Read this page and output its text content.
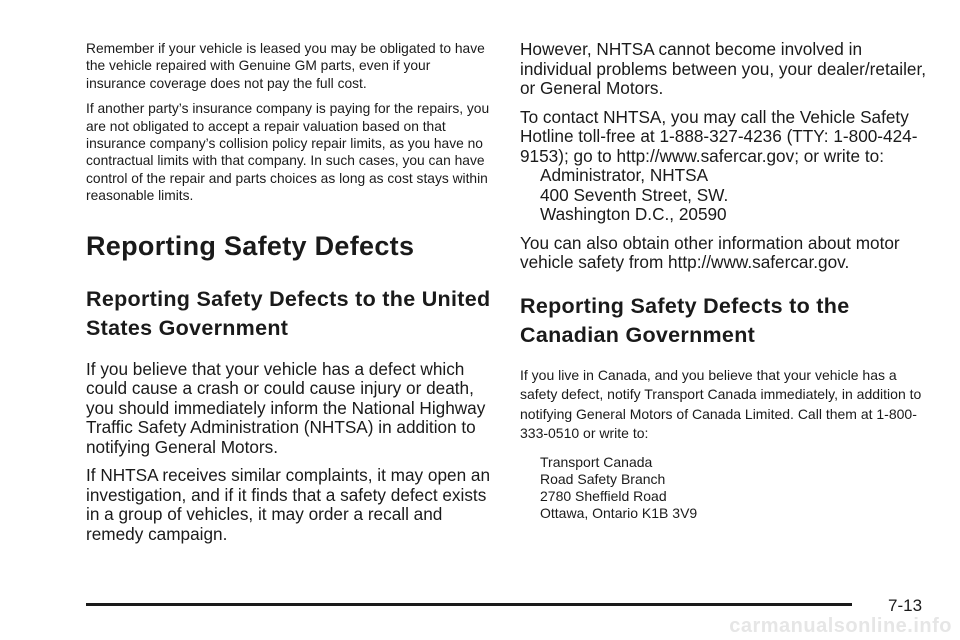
Remember if your vehicle is leased you may be obligated to have the vehicle repaired with Genuine GM parts, even if your insurance coverage does not pay the full cost.

If another party’s insurance company is paying for the repairs, you are not obligated to accept a repair valuation based on that insurance company’s collision policy repair limits, as you have no contractual limits with that company. In such cases, you can have control of the repair and parts choices as long as cost stays within reasonable limits.

Reporting Safety Defects
Reporting Safety Defects to the United States Government

If you believe that your vehicle has a defect which could cause a crash or could cause injury or death, you should immediately inform the National Highway Traffic Safety Administration (NHTSA) in addition to notifying General Motors.

If NHTSA receives similar complaints, it may open an investigation, and if it finds that a safety defect exists in a group of vehicles, it may order a recall and remedy campaign.

However, NHTSA cannot become involved in individual problems between you, your dealer/retailer, or General Motors.

To contact NHTSA, you may call the Vehicle Safety Hotline toll-free at 1-888-327-4236 (TTY: 1-800-424-9153); go to http://www.safercar.gov; or write to:

Administrator, NHTSA
400 Seventh Street, SW.
Washington D.C., 20590

You can also obtain other information about motor vehicle safety from http://www.safercar.gov.

Reporting Safety Defects to the Canadian Government

If you live in Canada, and you believe that your vehicle has a safety defect, notify Transport Canada immediately, in addition to notifying General Motors of Canada Limited. Call them at 1-800-333-0510 or write to:

Transport Canada
Road Safety Branch
2780 Sheffield Road
Ottawa, Ontario K1B 3V9
7-13
carmanualsonline.info
